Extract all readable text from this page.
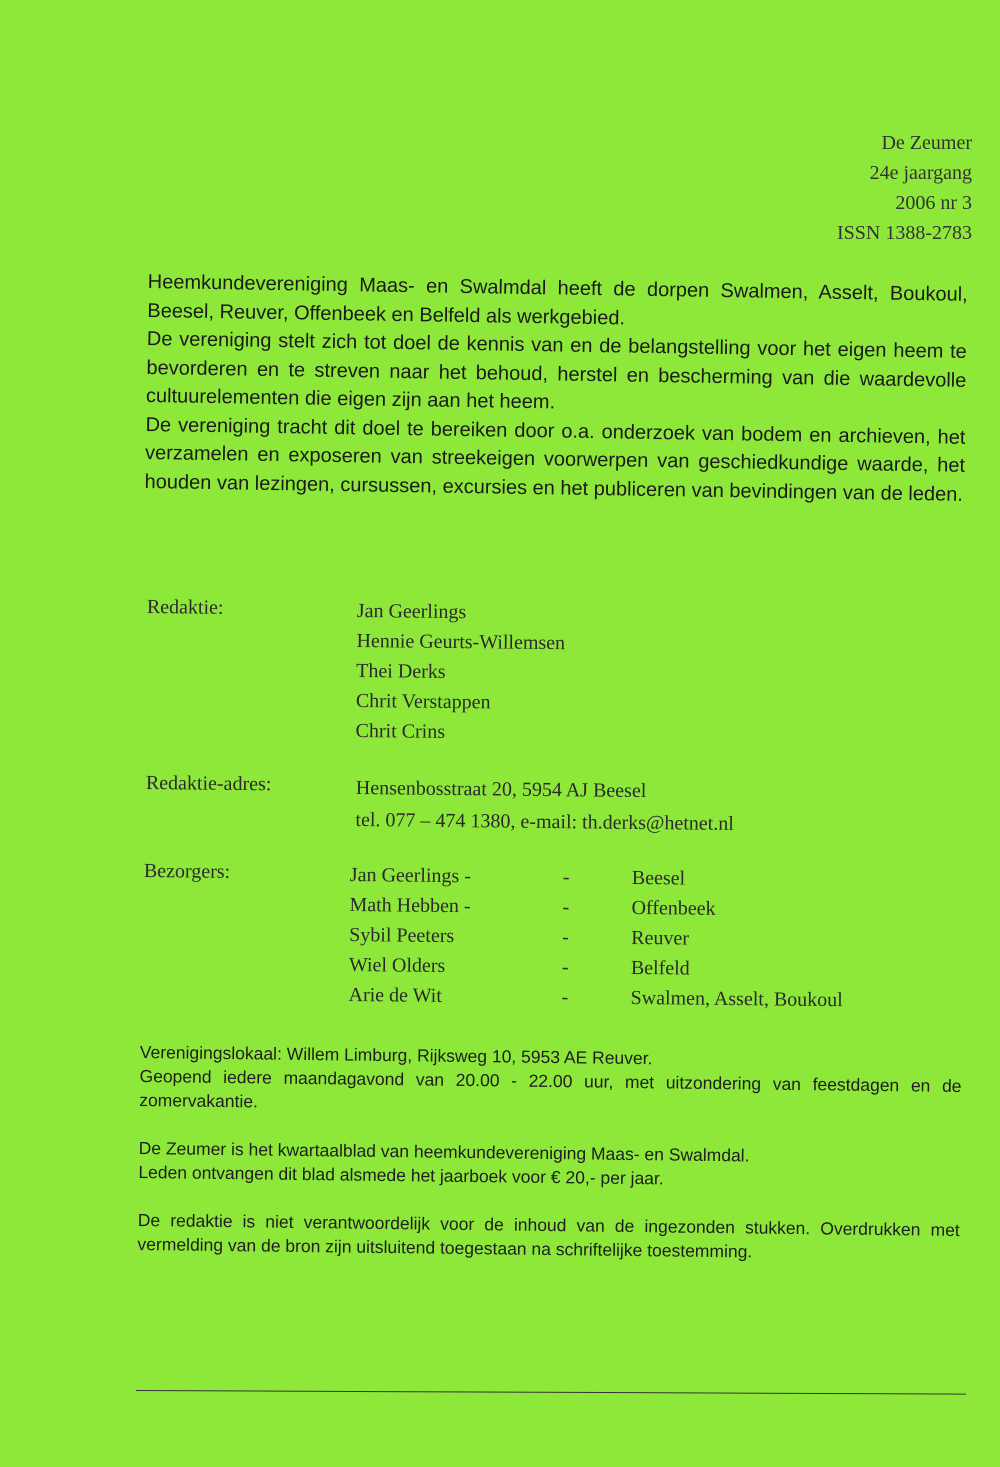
De Zeumer
24e jaargang
2006 nr 3
ISSN 1388-2783

Heemkundevereniging Maas- en Swalmdal heeft de dorpen Swalmen, Asselt, Boukoul, Beesel, Reuver, Offenbeek en Belfeld als werkgebied.

De vereniging stelt zich tot doel de kennis van en de belangstelling voor het eigen heem te bevorderen en te streven naar het behoud, herstel en bescherming van die waardevolle cultuurelementen die eigen zijn aan het heem.

De vereniging tracht dit doel te bereiken door o.a. onderzoek van bodem en archieven, het verzamelen en exposeren van streekeigen voorwerpen van geschiedkundige waarde, het houden van lezingen, cursussen, excursies en het publiceren van bevindingen van de leden.

Redaktie:	Jan Geerlings
Hennie Geurts-Willemsen
Thei Derks
Chrit Verstappen
Chrit Crins
Redaktie-adres:	Hensenbosstraat 20, 5954 AJ Beesel
tel. 077 – 474 1380, e-mail: th.derks@hetnet.nl
Bezorgers:	Jan Geerlings -	-	Beesel
Math Hebben -	-	Offenbeek
Sybil Peeters	-	Reuver
Wiel Olders	-	Belfeld
Arie de Wit	-	Swalmen, Asselt, Boukoul

Verenigingslokaal: Willem Limburg, Rijksweg 10, 5953 AE Reuver.
Geopend iedere maandagavond van 20.00 - 22.00 uur, met uitzondering van feestdagen en de zomervakantie.

De Zeumer is het kwartaalblad van heemkundevereniging Maas- en Swalmdal.
Leden ontvangen dit blad alsmede het jaarboek voor € 20,- per jaar.

De redaktie is niet verantwoordelijk voor de inhoud van de ingezonden stukken. Overdrukken met vermelding van de bron zijn uitsluitend toegestaan na schriftelijke toestemming.
